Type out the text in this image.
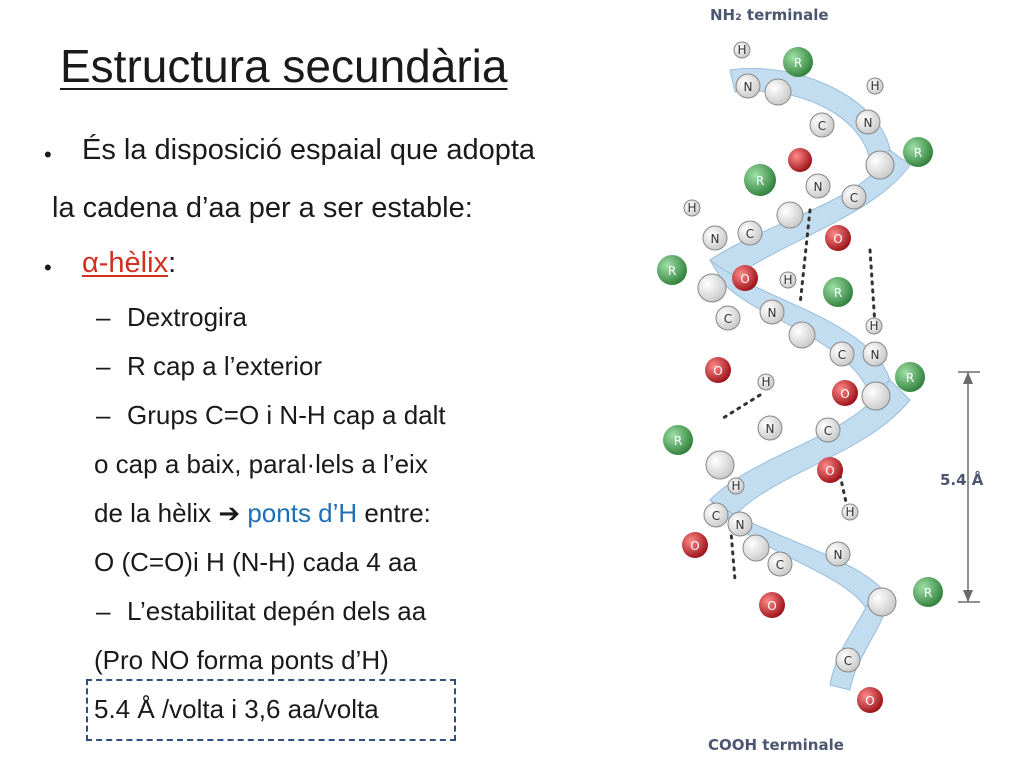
Estructura secundària
• És la disposició espaial que adopta
la cadena d’aa per a ser estable:
• α-hèlix:
– Dextrogira
– R cap a l’exterior
– Grups C=O i N-H cap a dalt
o cap a baix, paral·lels a l’eix
de la hèlix ➔ ponts d’H entre:
O (C=O)i H (N-H) cada 4 aa
– L’estabilitat depén dels aa
(Pro NO forma ponts d’H)
5.4 Å /volta i 3,6 aa/volta
NH₂ terminale
COOH terminale
5.4 Å
R
R
R
R
R
R
R
R
O
O
O
O
O
O
O
O
H
N	H
C	N
N
C
H
N C
C
H
N
H
C N
H
N	C
H
C
N
H
N
C
C
